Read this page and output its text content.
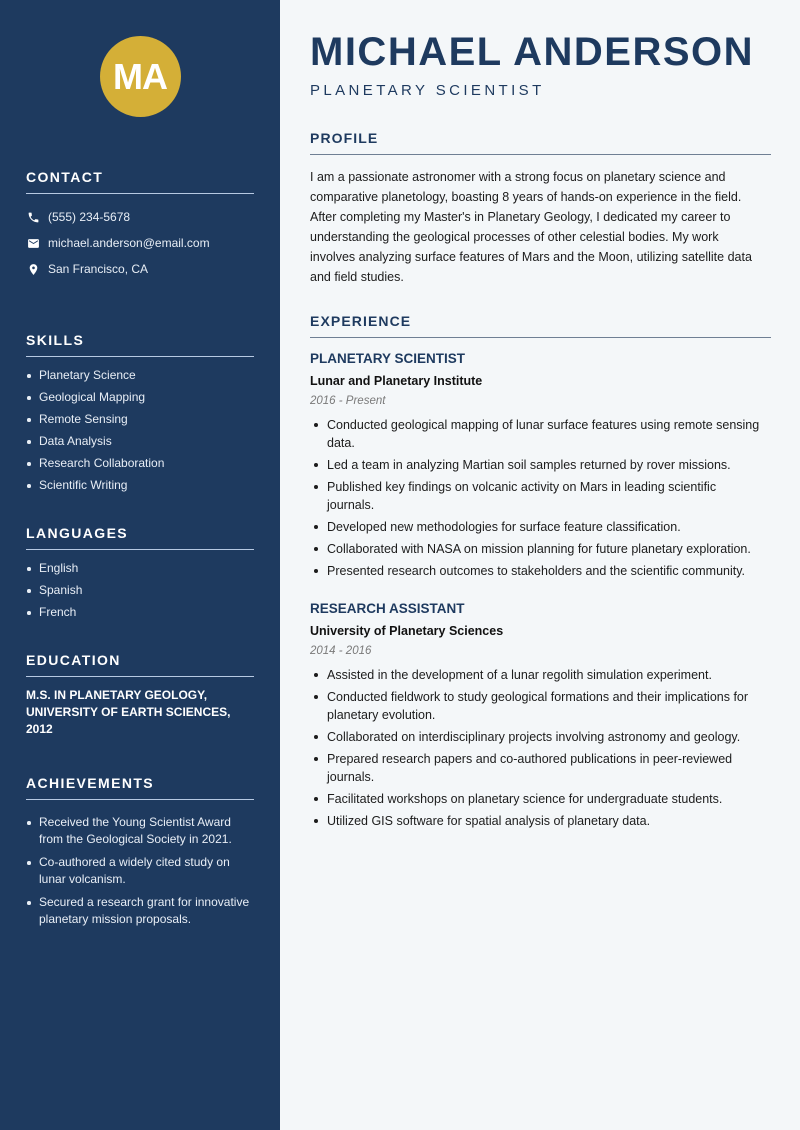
MA
CONTACT
(555) 234-5678
michael.anderson@email.com
San Francisco, CA
SKILLS
Planetary Science
Geological Mapping
Remote Sensing
Data Analysis
Research Collaboration
Scientific Writing
LANGUAGES
English
Spanish
French
EDUCATION

M.S. IN PLANETARY GEOLOGY, UNIVERSITY OF EARTH SCIENCES, 2012

ACHIEVEMENTS
Received the Young Scientist Award from the Geological Society in 2021.
Co-authored a widely cited study on lunar volcanism.
Secured a research grant for innovative planetary mission proposals.
MICHAEL ANDERSON
PLANETARY SCIENTIST
PROFILE

I am a passionate astronomer with a strong focus on planetary science and comparative planetology, boasting 8 years of hands-on experience in the field. After completing my Master's in Planetary Geology, I dedicated my career to understanding the geological processes of other celestial bodies. My work involves analyzing surface features of Mars and the Moon, utilizing satellite data and field studies.

EXPERIENCE
PLANETARY SCIENTIST
Lunar and Planetary Institute
2016 - Present
Conducted geological mapping of lunar surface features using remote sensing data.
Led a team in analyzing Martian soil samples returned by rover missions.
Published key findings on volcanic activity on Mars in leading scientific journals.
Developed new methodologies for surface feature classification.
Collaborated with NASA on mission planning for future planetary exploration.
Presented research outcomes to stakeholders and the scientific community.
RESEARCH ASSISTANT
University of Planetary Sciences
2014 - 2016
Assisted in the development of a lunar regolith simulation experiment.
Conducted fieldwork to study geological formations and their implications for planetary evolution.
Collaborated on interdisciplinary projects involving astronomy and geology.
Prepared research papers and co-authored publications in peer-reviewed journals.
Facilitated workshops on planetary science for undergraduate students.
Utilized GIS software for spatial analysis of planetary data.
